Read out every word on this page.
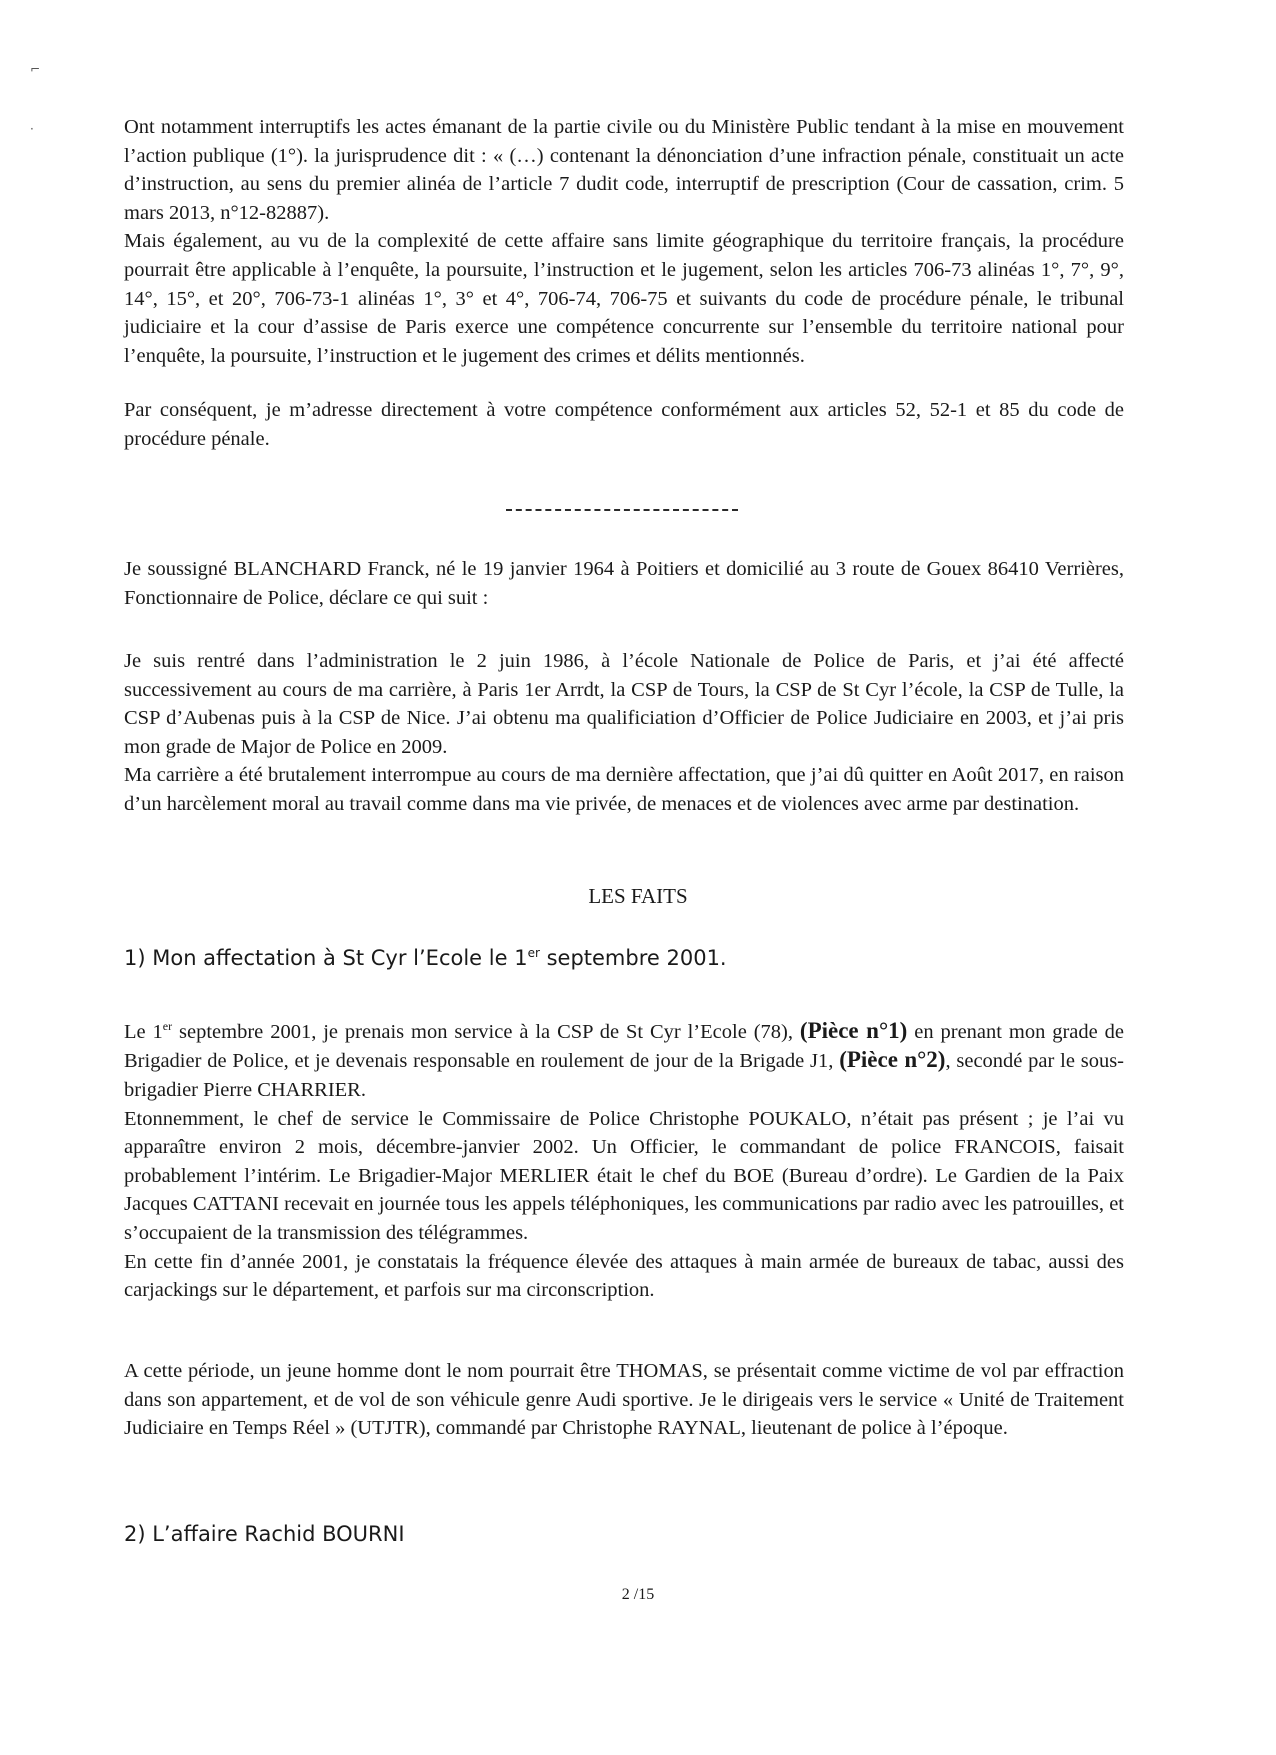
⌐
·	Ont notamment interruptifs les actes émanant de la partie civile ou du Ministère Public tendant à la mise en mouvement l’action publique (1°). la jurisprudence dit : « (…) contenant la dénonciation d’une infraction pénale, constituait un acte d’instruction, au sens du premier alinéa de l’article 7 dudit code, interruptif de prescription (Cour de cassation, crim. 5 mars 2013, n°12-82887).

Mais également, au vu de la complexité de cette affaire sans limite géographique du territoire français, la procédure pourrait être applicable à l’enquête, la poursuite, l’instruction et le jugement, selon les articles 706-73 alinéas 1°, 7°, 9°, 14°, 15°, et 20°, 706-73-1 alinéas 1°, 3° et 4°, 706-74, 706-75 et suivants du code de procédure pénale, le tribunal judiciaire et la cour d’assise de Paris exerce une compétence concurrente sur l’ensemble du territoire national pour l’enquête, la poursuite, l’instruction et le jugement des crimes et délits mentionnés.

Par conséquent, je m’adresse directement à votre compétence conformément aux articles 52, 52-1 et 85 du code de procédure pénale.

Je soussigné BLANCHARD Franck, né le 19 janvier 1964 à Poitiers et domicilié au 3 route de Gouex 86410 Verrières, Fonctionnaire de Police, déclare ce qui suit :

Je suis rentré dans l’administration le 2 juin 1986, à l’école Nationale de Police de Paris, et j’ai été affecté successivement au cours de ma carrière, à Paris 1er Arrdt, la CSP de Tours, la CSP de St Cyr l’école, la CSP de Tulle, la CSP d’Aubenas puis à la CSP de Nice. J’ai obtenu ma qualificiation d’Officier de Police Judiciaire en 2003, et j’ai pris mon grade de Major de Police en 2009.

Ma carrière a été brutalement interrompue au cours de ma dernière affectation, que j’ai dû quitter en Août 2017, en raison d’un harcèlement moral au travail comme dans ma vie privée, de menaces et de violences avec arme par destination.

LES FAITS
1) Mon affectation à St Cyr l’Ecole le 1er septembre 2001.

Le 1er septembre 2001, je prenais mon service à la CSP de St Cyr l’Ecole (78), (Pièce n°1) en prenant mon grade de Brigadier de Police, et je devenais responsable en roulement de jour de la Brigade J1, (Pièce n°2), secondé par le sous-brigadier Pierre CHARRIER.

Etonnemment, le chef de service le Commissaire de Police Christophe POUKALO, n’était pas présent ; je l’ai vu apparaître environ 2 mois, décembre-janvier 2002. Un Officier, le commandant de police FRANCOIS, faisait probablement l’intérim. Le Brigadier-Major MERLIER était le chef du BOE (Bureau d’ordre). Le Gardien de la Paix Jacques CATTANI recevait en journée tous les appels téléphoniques, les communications par radio avec les patrouilles, et s’occupaient de la transmission des télégrammes.

En cette fin d’année 2001, je constatais la fréquence élevée des attaques à main armée de bureaux de tabac, aussi des carjackings sur le département, et parfois sur ma circonscription.

A cette période, un jeune homme dont le nom pourrait être THOMAS, se présentait comme victime de vol par effraction dans son appartement, et de vol de son véhicule genre Audi sportive. Je le dirigeais vers le service « Unité de Traitement Judiciaire en Temps Réel » (UTJTR), commandé par Christophe RAYNAL, lieutenant de police à l’époque.

2) L’affaire Rachid BOURNI
2 /15
